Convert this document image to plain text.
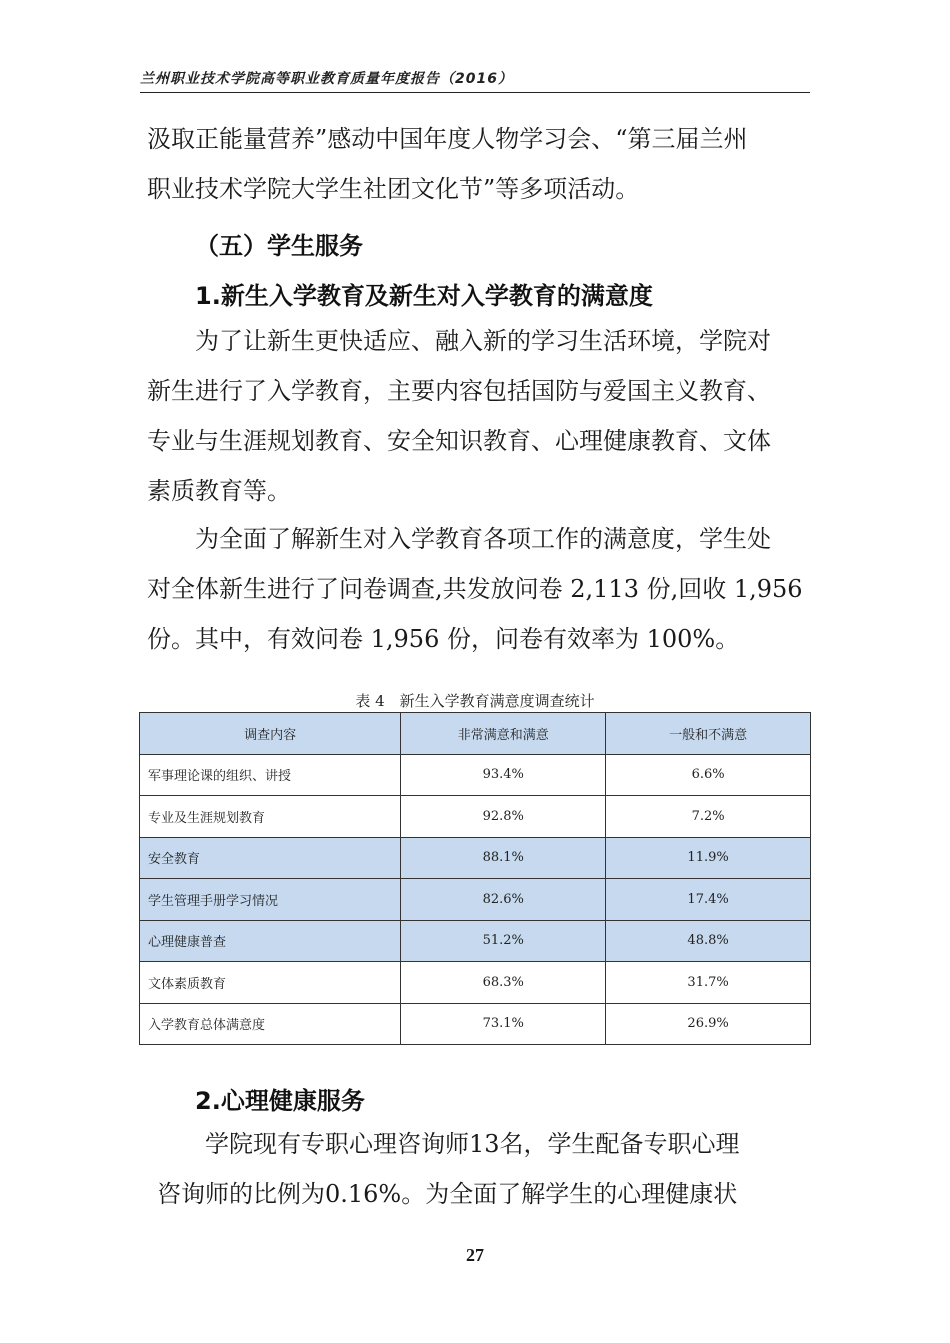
兰州职业技术学院高等职业教育质量年度报告（2016）
汲取正能量营养”感动中国年度人物学习会、“第三届兰州
职业技术学院大学生社团文化节”等多项活动。
（五）学生服务
1.新生入学教育及新生对入学教育的满意度
为了让新生更快适应、融入新的学习生活环境，学院对
新生进行了入学教育，主要内容包括国防与爱国主义教育、
专业与生涯规划教育、安全知识教育、心理健康教育、文体
素质教育等。
为全面了解新生对入学教育各项工作的满意度，学生处
对全体新生进行了问卷调查,共发放问卷 2,113 份,回收 1,956
份。其中，有效问卷 1,956 份，问卷有效率为 100%。
表 4　新生入学教育满意度调查统计
调查内容	非常满意和满意	一般和不满意
军事理论课的组织、讲授	93.4%	6.6%
专业及生涯规划教育	92.8%	7.2%
安全教育	88.1%	11.9%
学生管理手册学习情况	82.6%	17.4%
心理健康普查	51.2%	48.8%
文体素质教育	68.3%	31.7%
入学教育总体满意度	73.1%	26.9%
2.心理健康服务
学院现有专职心理咨询师13名，学生配备专职心理
咨询师的比例为0.16%。为全面了解学生的心理健康状
27
